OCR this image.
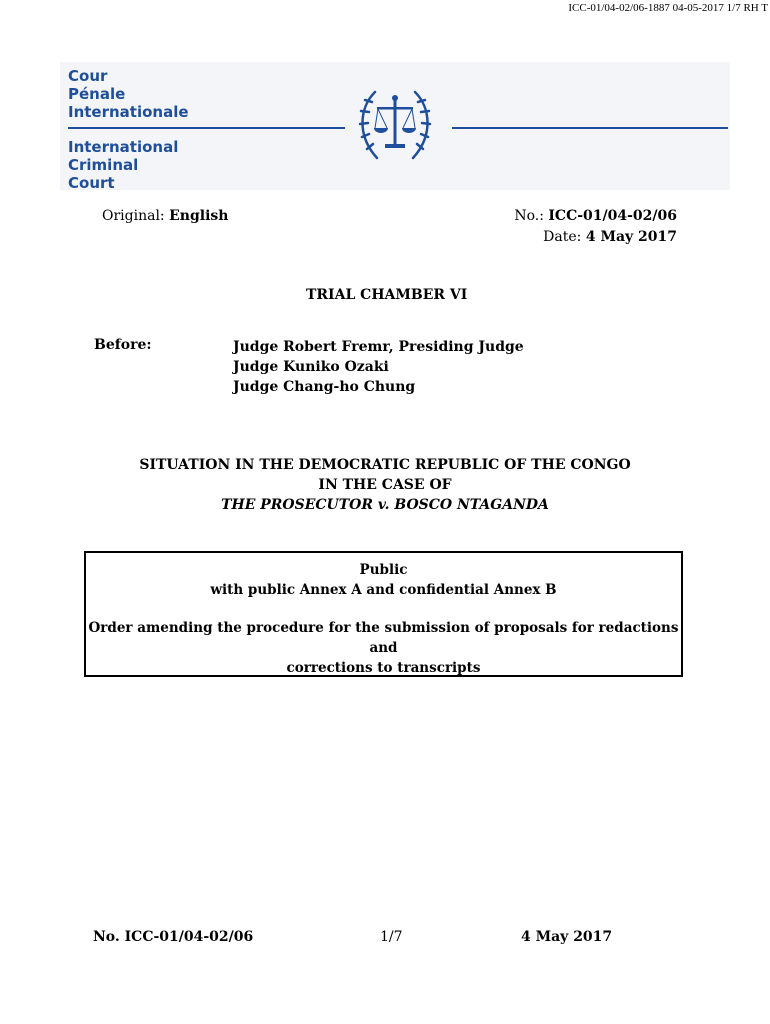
ICC-01/04-02/06-1887 04-05-2017 1/7 RH T
Cour
Pénale
Internationale
International
Criminal
Court
Original: English	No.: ICC-01/04-02/06
Date: 4 May 2017
TRIAL CHAMBER VI
Before:	Judge Robert Fremr, Presiding Judge
Judge Kuniko Ozaki
Judge Chang-ho Chung
SITUATION IN THE DEMOCRATIC REPUBLIC OF THE CONGO
IN THE CASE OF
THE PROSECUTOR v. BOSCO NTAGANDA
Public
with public Annex A and confidential Annex B
Order amending the procedure for the submission of proposals for redactions and
corrections to transcripts
No. ICC-01/04-02/06	1/7	4 May 2017
